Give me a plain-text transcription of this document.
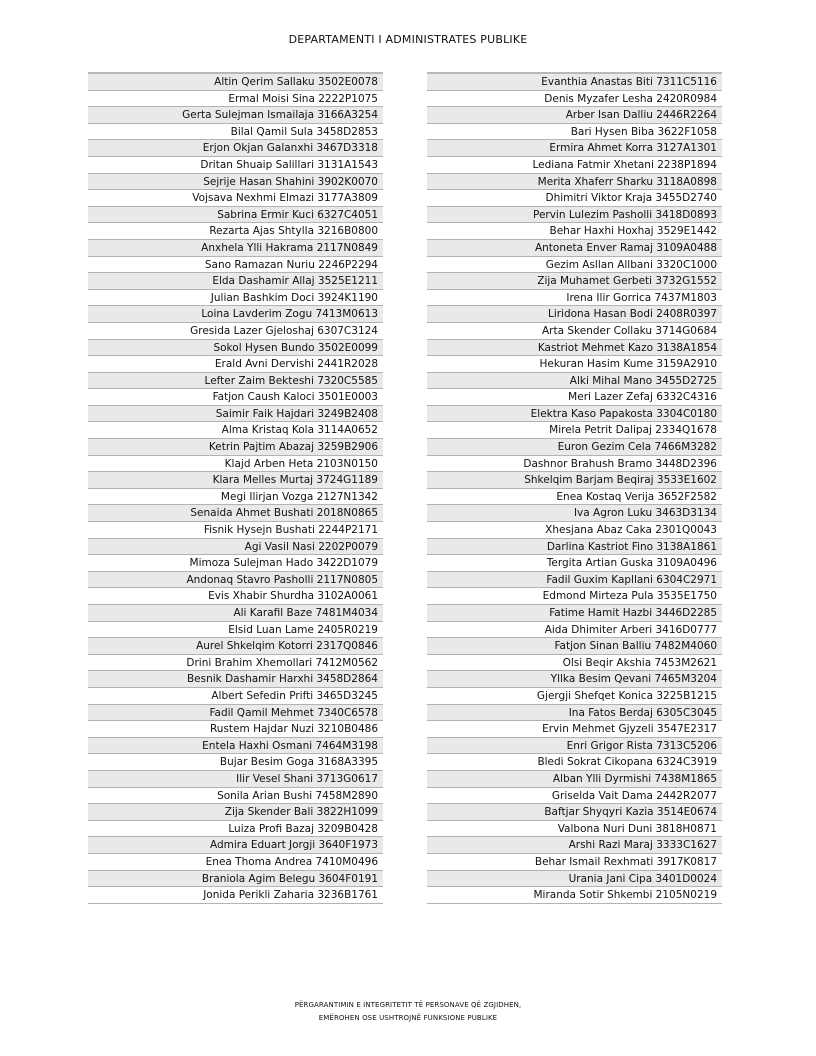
DEPARTAMENTI I ADMINISTRATES PUBLIKE
Altin Qerim Sallaku 3502E0078
Ermal Moisi Sina 2222P1075
Gerta Sulejman Ismailaja 3166A3254
Bilal Qamil Sula 3458D2853
Erjon Okjan Galanxhi 3467D3318
Dritan Shuaip Salillari 3131A1543
Sejrije Hasan Shahini 3902K0070
Vojsava Nexhmi Elmazi 3177A3809
Sabrina Ermir Kuci 6327C4051
Rezarta Ajas Shtylla 3216B0800
Anxhela Ylli Hakrama 2117N0849
Sano Ramazan Nuriu 2246P2294
Elda Dashamir Allaj 3525E1211
Julian Bashkim Doci 3924K1190
Loina Lavderim Zogu 7413M0613
Gresida Lazer Gjeloshaj 6307C3124
Sokol Hysen Bundo 3502E0099
Erald Avni Dervishi 2441R2028
Lefter Zaim Bekteshi 7320C5585
Fatjon Caush Kaloci 3501E0003
Saimir Faik Hajdari 3249B2408
Alma Kristaq Kola 3114A0652
Ketrin Pajtim Abazaj 3259B2906
Klajd Arben Heta 2103N0150
Klara Melles Murtaj 3724G1189
Megi Ilirjan Vozga 2127N1342
Senaida Ahmet Bushati 2018N0865
Fisnik Hysejn Bushati 2244P2171
Agi Vasil Nasi 2202P0079
Mimoza Sulejman Hado 3422D1079
Andonaq Stavro Pasholli 2117N0805
Evis Xhabir Shurdha 3102A0061
Ali Karafil Baze 7481M4034
Elsid Luan Lame 2405R0219
Aurel Shkelqim Kotorri 2317Q0846
Drini Brahim Xhemollari 7412M0562
Besnik Dashamir Harxhi 3458D2864
Albert Sefedin Prifti 3465D3245
Fadil Qamil Mehmet 7340C6578
Rustem Hajdar Nuzi 3210B0486
Entela Haxhi Osmani 7464M3198
Bujar Besim Goga 3168A3395
Ilir Vesel Shani 3713G0617
Sonila Arian Bushi 7458M2890
Zija Skender Bali 3822H1099
Luiza Profi Bazaj 3209B0428
Admira Eduart Jorgji 3640F1973
Enea Thoma Andrea 7410M0496
Braniola Agim Belegu 3604F0191
Jonida Perikli Zaharia 3236B1761
Evanthia Anastas Biti 7311C5116
Denis Myzafer Lesha 2420R0984
Arber Isan Dalliu 2446R2264
Bari Hysen Biba 3622F1058
Ermira Ahmet Korra 3127A1301
Lediana Fatmir Xhetani 2238P1894
Merita Xhaferr Sharku 3118A0898
Dhimitri Viktor Kraja 3455D2740
Pervin Lulezim Pasholli 3418D0893
Behar Haxhi Hoxhaj 3529E1442
Antoneta Enver Ramaj 3109A0488
Gezim Asllan Allbani 3320C1000
Zija Muhamet Gerbeti 3732G1552
Irena Ilir Gorrica 7437M1803
Liridona Hasan Bodi 2408R0397
Arta Skender Collaku 3714G0684
Kastriot Mehmet Kazo 3138A1854
Hekuran Hasim Kume 3159A2910
Alki Mihal Mano 3455D2725
Meri Lazer Zefaj 6332C4316
Elektra Kaso Papakosta 3304C0180
Mirela Petrit Dalipaj 2334Q1678
Euron Gezim Cela 7466M3282
Dashnor Brahush Bramo 3448D2396
Shkelqim Barjam Beqiraj 3533E1602
Enea Kostaq Verija 3652F2582
Iva Agron Luku 3463D3134
Xhesjana Abaz Caka 2301Q0043
Darlina Kastriot Fino 3138A1861
Tergita Artian Guska 3109A0496
Fadil Guxim Kapllani 6304C2971
Edmond Mirteza Pula 3535E1750
Fatime Hamit Hazbi 3446D2285
Aida Dhimiter Arberi 3416D0777
Fatjon Sinan Balliu 7482M4060
Olsi Beqir Akshia 7453M2621
Yllka Besim Qevani 7465M3204
Gjergji Shefqet Konica 3225B1215
Ina Fatos Berdaj 6305C3045
Ervin Mehmet Gjyzeli 3547E2317
Enri Grigor Rista 7313C5206
Bledi Sokrat Cikopana 6324C3919
Alban Ylli Dyrmishi 7438M1865
Griselda Vait Dama 2442R2077
Baftjar Shyqyri Kazia 3514E0674
Valbona Nuri Duni 3818H0871
Arshi Razi Maraj 3333C1627
Behar Ismail Rexhmati 3917K0817
Urania Jani Cipa 3401D0024
Miranda Sotir Shkembi 2105N0219
PËRGARANTIMIN E INTEGRITETIT TË PERSONAVE QË ZGJIDHEN,
EMËROHEN OSE USHTROJNË FUNKSIONE PUBLIKE
